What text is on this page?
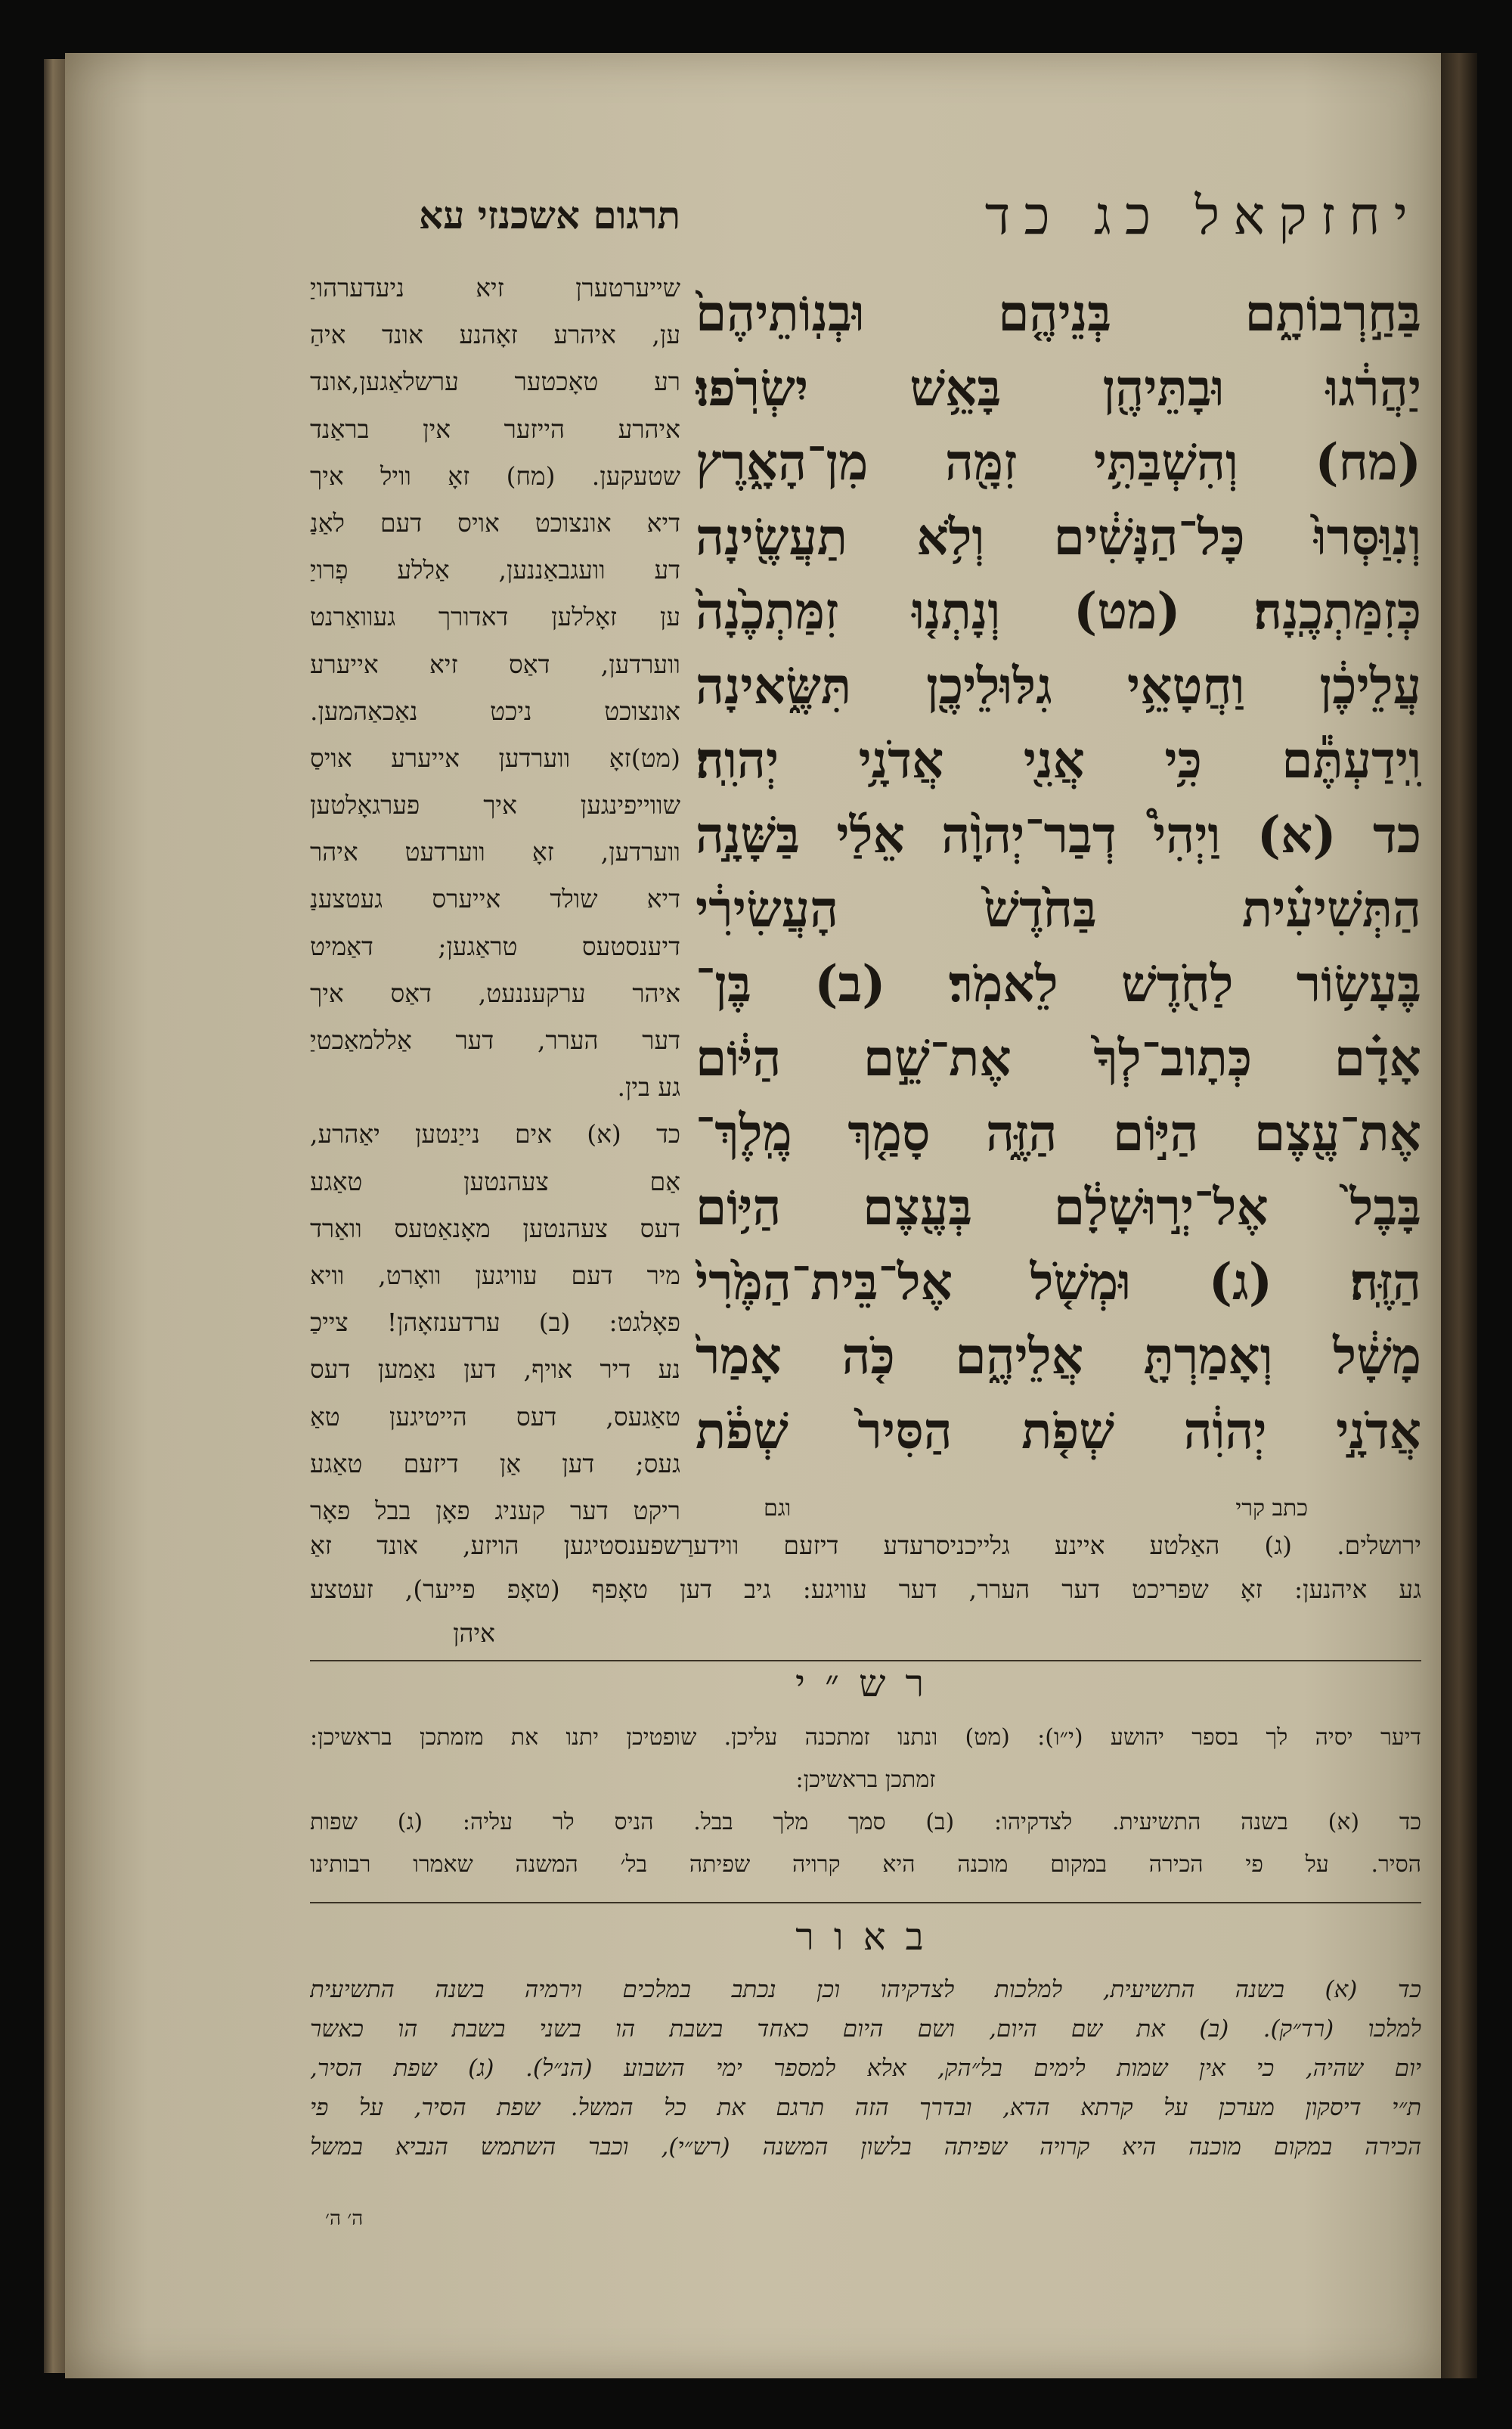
יחזקאל כג כד
בַּחַ֣רְבוֹתָ֑ם בְּנֵיהֶ֤ם וּבְנֽוֹתֵיהֶם֙
יַהֲר֔גוּ וּבָתֵּיהֶ֖ן בָּאֵ֥שׁ יִשְׂרֹֽפוּ׃
(מח) וְהִשְׁבַּתִּ֥י זִמָּ֖ה מִן־הָאָ֑רֶץ
וְנִוַּסְּרוּ֙ כָּל־הַנָּשִׁ֔ים וְלֹ֥א תַעֲשֶׂ֖ינָה
כְּזִמַּתְכֶֽנָה׃ (מט) וְנָתְנ֤וּ זִמַּתְכֶ֙נָה֙
עֲלֵיכֶ֔ן וַחֲטָאֵ֥י גִלּוּלֵיכֶ֖ן תִּשֶּׂ֑אינָה
וִֽידַעְתֶּ֕ם כִּ֥י אֲנִ֖י אֲדֹנָ֥י יְהוִֽה׃
כד (א) וַיְהִי֩ דְבַר־יְהוָ֨ה אֵלַ֜י בַּשָּׁנָ֣ה
הַתְּשִׁיעִ֗ית בַּחֹ֙דֶשׁ֙ הָעֲשִׂירִ֔י
בֶּעָשׂ֥וֹר לַחֹ֖דֶשׁ לֵאמֹֽר׃ (ב) בֶּן־
אָדָ֗ם כְּתָוב־לְךָ֙ אֶת־שֵׁ֣ם הַיּ֔וֹם
אֶת־עֶ֖צֶם הַיּ֣וֹם הַזֶּ֑ה סָמַ֤ךְ מֶֽלֶךְ־
בָּבֶל֙ אֶל־יְר֣וּשָׁלַ֔͏ִם בְּעֶ֖צֶם הַיּ֥וֹם
הַזֶּֽה׃ (ג) וּמְשֹׁ֤ל אֶל־בֵּית־הַמֶּ֙רִי֙
מָשָׁ֔ל וְאָמַרְתָּ֖ אֲלֵיהֶ֑ם כֹּ֤ה אָמַר֙
אֲדֹנָ֣י יְהוִ֔ה שְׁפֹ֤ת הַסִּיר֙ שְׁפֹ֔ת
כתב קרי
וגם
תרגום אשכנזי עא
שייערטערן זיא ניעדערהויַ
ען, איהרע זאָהנע אונד איהַ
רע טאָכטער ערשלאַגען,אונד
איהרע הייזער אין בראַנד
שטעקען. (מח) זאָ וויל איך
דיא אונצוכט אויס דעם לאַנַ
דע וועגבאַננען, אַללע פְרויַ
ען זאָללען דאדורך געוואַרנט
ווערדען, דאַס זיא אייערע
אונצוכט ניכט נאַכאַהמען.
(מט)זאָ ווערדען אייערע אויסַ
שווייפינגען איך פערגאָלטען
ווערדען, זאָ ווערדעט איהר
דיא שולד אייערס געטצענַ
דיענסטעס טראַגען; דאַמיט
איהר ערקעננעט, דאַס איך
דער הערר, דער אַללמאַכטיַ
גע בין.
כד (א) אים נייַנטען יאַהרע,
אַם צעהנטען טאַגע
דעס צעהנטען מאָנאַטעס וואַרד
מיר דעם עוויגען וואָרט, וויא
פאָלגט: (ב) ערדענזאָהן! צייכַ
נע דיר אויף, דען נאַמען דעס
טאַגעס, דעס הייטיגען טאַ
געס; דען אַן דיזעם טאַגע
ריקט דער קעניג פאָן בבל פאָר
ירושלים. (ג) האַלטע איינע גלייכניסרעדע דיזעם ווידערַשפענסטיגען הויזע, אונד זאַ
גע איהנען: זאָ שפריכט דער הערר, דער עוויגע: גיב דען טאָפף (טאָפ פייער), זעטצע
איהן
רש״י
דיער יסיה לך בספר יהושע (י״ו): (מט) ונתנו זמתכנה עליכן. שופטיכן יתנו את מזמתכן בראשיכן:
זמתכן בראשיכן:
כד (א) בשנה התשיעית. לצדקיהו: (ב) סמך מלך בבל. הניס לר עליה: (ג) שפות
הסיר. על פי הכירה במקום מוכנה היא קרויה שפיתה בל׳ המשנה שאמרו רבותינו
באור
כד (א) בשנה התשיעית, למלכות לצדקיהו וכן נכתב במלכים וירמיה בשנה התשיעית
למלכו (רד״ק). (ב) את שם היום, ושם היום כאחד בשבת הו בשני בשבת הו כאשר
יום שהיה, כי אין שמות לימים בל״הק, אלא למספר ימי השבוע (הנ״ל). (ג) שפת הסיר,
ת״י דיסקון מערכן על קרתא הדא, ובדרך הזה תרגם את כל המשל. שפת הסיר, על פי
הכירה במקום מוכנה היא קרויה שפיתה בלשון המשנה (רש״י), וכבר השתמש הנביא במשל
ה׳ ה׳
